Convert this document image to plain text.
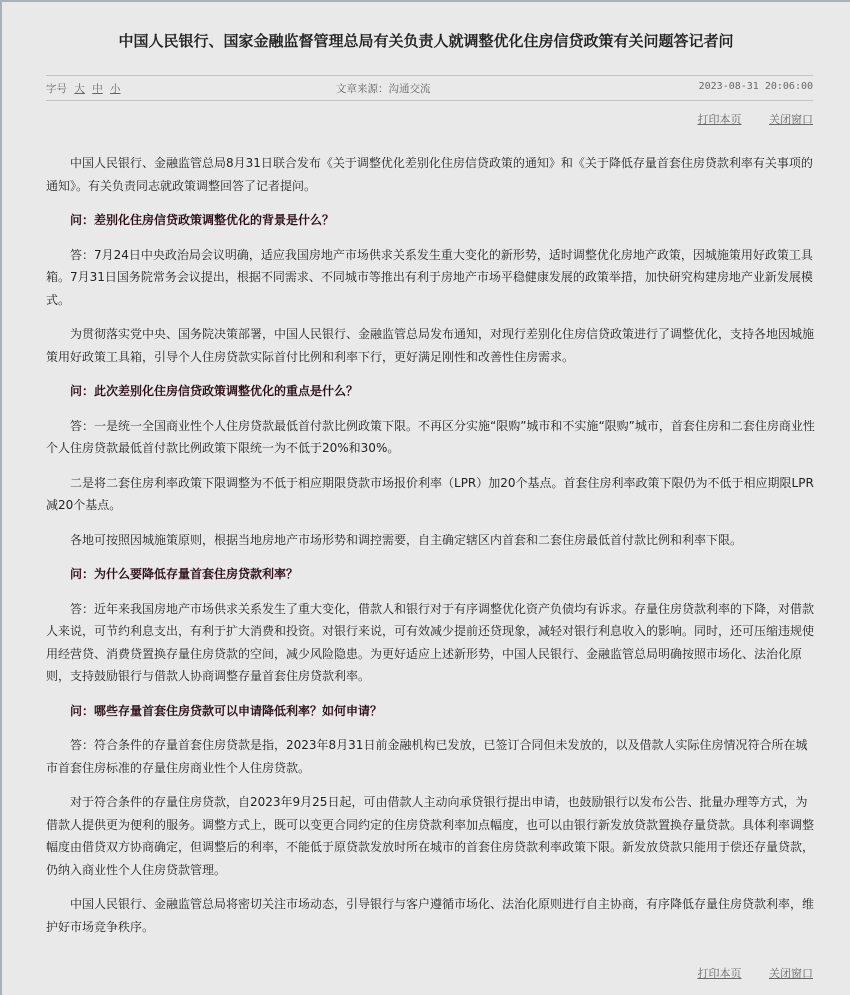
中国人民银行、国家金融监督管理总局有关负责人就调整优化住房信贷政策有关问题答记者问
字号 大 中 小	文章来源：沟通交流	2023-08-31 20:06:00
打印本页	关闭窗口

中国人民银行、金融监管总局8月31日联合发布《关于调整优化差别化住房信贷政策的通知》和《关于降低存量首套住房贷款利率有关事项的通知》。有关负责同志就政策调整回答了记者提问。

问：差别化住房信贷政策调整优化的背景是什么？

答：7月24日中央政治局会议明确，适应我国房地产市场供求关系发生重大变化的新形势，适时调整优化房地产政策，因城施策用好政策工具箱。7月31日国务院常务会议提出，根据不同需求、不同城市等推出有利于房地产市场平稳健康发展的政策举措，加快研究构建房地产业新发展模式。

为贯彻落实党中央、国务院决策部署，中国人民银行、金融监管总局发布通知，对现行差别化住房信贷政策进行了调整优化，支持各地因城施策用好政策工具箱，引导个人住房贷款实际首付比例和利率下行，更好满足刚性和改善性住房需求。

问：此次差别化住房信贷政策调整优化的重点是什么？

答：一是统一全国商业性个人住房贷款最低首付款比例政策下限。不再区分实施“限购”城市和不实施“限购”城市，首套住房和二套住房商业性个人住房贷款最低首付款比例政策下限统一为不低于20%和30%。

二是将二套住房利率政策下限调整为不低于相应期限贷款市场报价利率（LPR）加20个基点。首套住房利率政策下限仍为不低于相应期限LPR减20个基点。

各地可按照因城施策原则，根据当地房地产市场形势和调控需要，自主确定辖区内首套和二套住房最低首付款比例和利率下限。

问：为什么要降低存量首套住房贷款利率？

答：近年来我国房地产市场供求关系发生了重大变化，借款人和银行对于有序调整优化资产负债均有诉求。存量住房贷款利率的下降，对借款人来说，可节约利息支出，有利于扩大消费和投资。对银行来说，可有效减少提前还贷现象，减轻对银行利息收入的影响。同时，还可压缩违规使用经营贷、消费贷置换存量住房贷款的空间，减少风险隐患。为更好适应上述新形势，中国人民银行、金融监管总局明确按照市场化、法治化原则，支持鼓励银行与借款人协商调整存量首套住房贷款利率。

问：哪些存量首套住房贷款可以申请降低利率？如何申请？

答：符合条件的存量首套住房贷款是指，2023年8月31日前金融机构已发放，已签订合同但未发放的，以及借款人实际住房情况符合所在城市首套住房标准的存量住房商业性个人住房贷款。

对于符合条件的存量住房贷款，自2023年9月25日起，可由借款人主动向承贷银行提出申请，也鼓励银行以发布公告、批量办理等方式，为借款人提供更为便利的服务。调整方式上，既可以变更合同约定的住房贷款利率加点幅度，也可以由银行新发放贷款置换存量贷款。具体利率调整幅度由借贷双方协商确定，但调整后的利率，不能低于原贷款发放时所在城市的首套住房贷款利率政策下限。新发放贷款只能用于偿还存量贷款，仍纳入商业性个人住房贷款管理。

中国人民银行、金融监管总局将密切关注市场动态，引导银行与客户遵循市场化、法治化原则进行自主协商，有序降低存量住房贷款利率，维护好市场竞争秩序。

打印本页	关闭窗口
